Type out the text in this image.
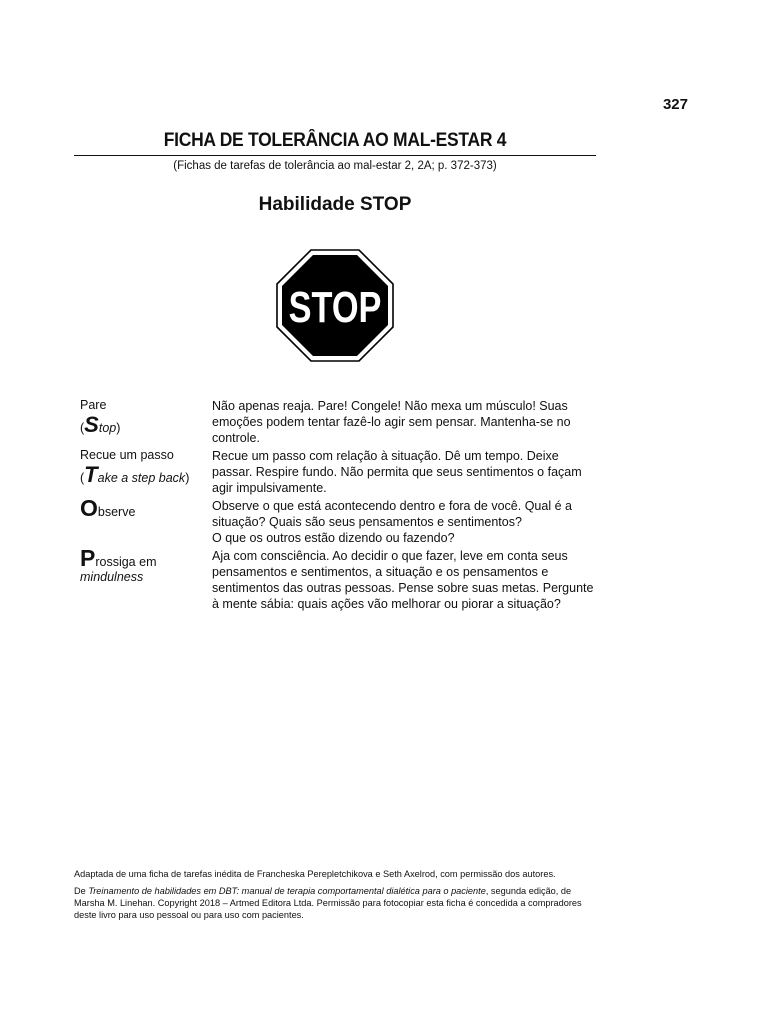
327
FICHA DE TOLERÂNCIA AO MAL-ESTAR 4
(Fichas de tarefas de tolerância ao mal-estar 2, 2A; p. 372-373)
Habilidade STOP
STOP
Pare
(Stop)
Não apenas reaja. Pare! Congele! Não mexa um músculo! Suas emoções podem tentar fazê-lo agir sem pensar. Mantenha-se no controle.
Recue um passo
(Take a step back)
Recue um passo com relação à situação. Dê um tempo. Deixe passar. Respire fundo. Não permita que seus sentimentos o façam agir impulsivamente.
Observe	Observe o que está acontecendo dentro e fora de você. Qual é a situação? Quais são seus pensamentos e sentimentos?
O que os outros estão dizendo ou fazendo?
Prossiga em
mindulness
Aja com consciência. Ao decidir o que fazer, leve em conta seus pensamentos e sentimentos, a situação e os pensamentos e sentimentos das outras pessoas. Pense sobre suas metas. Pergunte à mente sábia: quais ações vão melhorar ou piorar a situação?
Adaptada de uma ficha de tarefas inédita de Francheska Perepletchikova e Seth Axelrod, com permissão dos autores.
De Treinamento de habilidades em DBT: manual de terapia comportamental dialética para o paciente, segunda edição, de Marsha M. Linehan. Copyright 2018 – Artmed Editora Ltda. Permissão para fotocopiar esta ficha é concedida a compradores deste livro para uso pessoal ou para uso com pacientes.
